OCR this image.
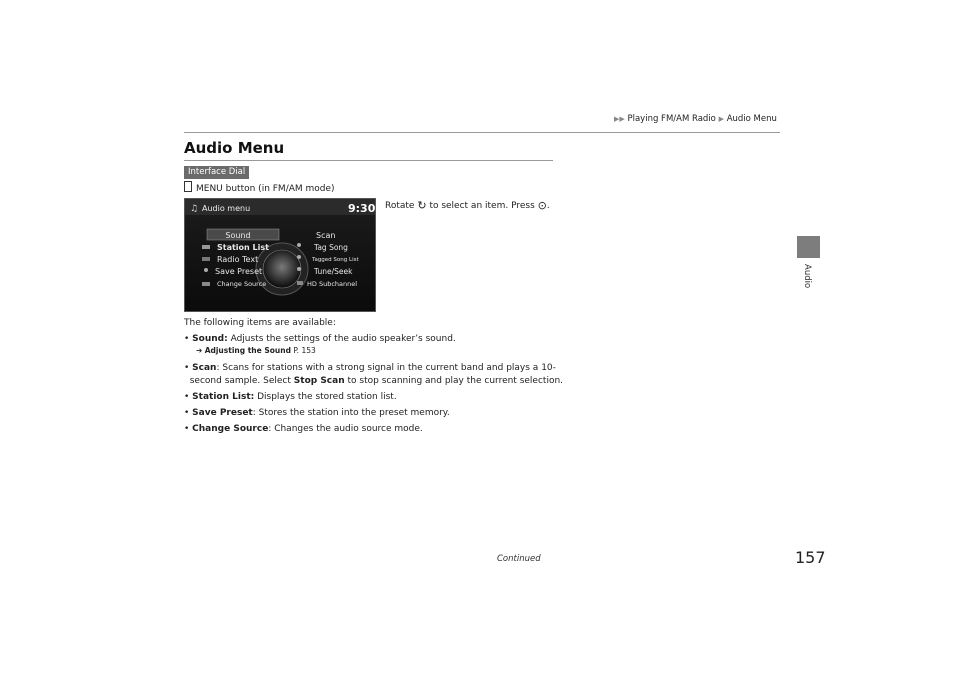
▶▶ Playing FM/AM Radio ▶ Audio Menu
157
Audio
Audio Menu
Interface Dial
MENU button (in FM/AM mode)
Rotate ↻ to select an item. Press ⊙.
♫ Audio menu	9:30
Sound
Station List
Radio Text
Save Preset
Change Source
Scan
Tag Song
Tagged Song List
Tune/Seek
HD Subchannel
The following items are available:
• Sound: Adjusts the settings of the audio speaker’s sound.
➔ Adjusting the Sound P. 153
• Scan: Scans for stations with a strong signal in the current band and plays a 10-
second sample. Select Stop Scan to stop scanning and play the current selection.
• Station List: Displays the stored station list.
• Save Preset: Stores the station into the preset memory.
• Change Source: Changes the audio source mode.
Continued
